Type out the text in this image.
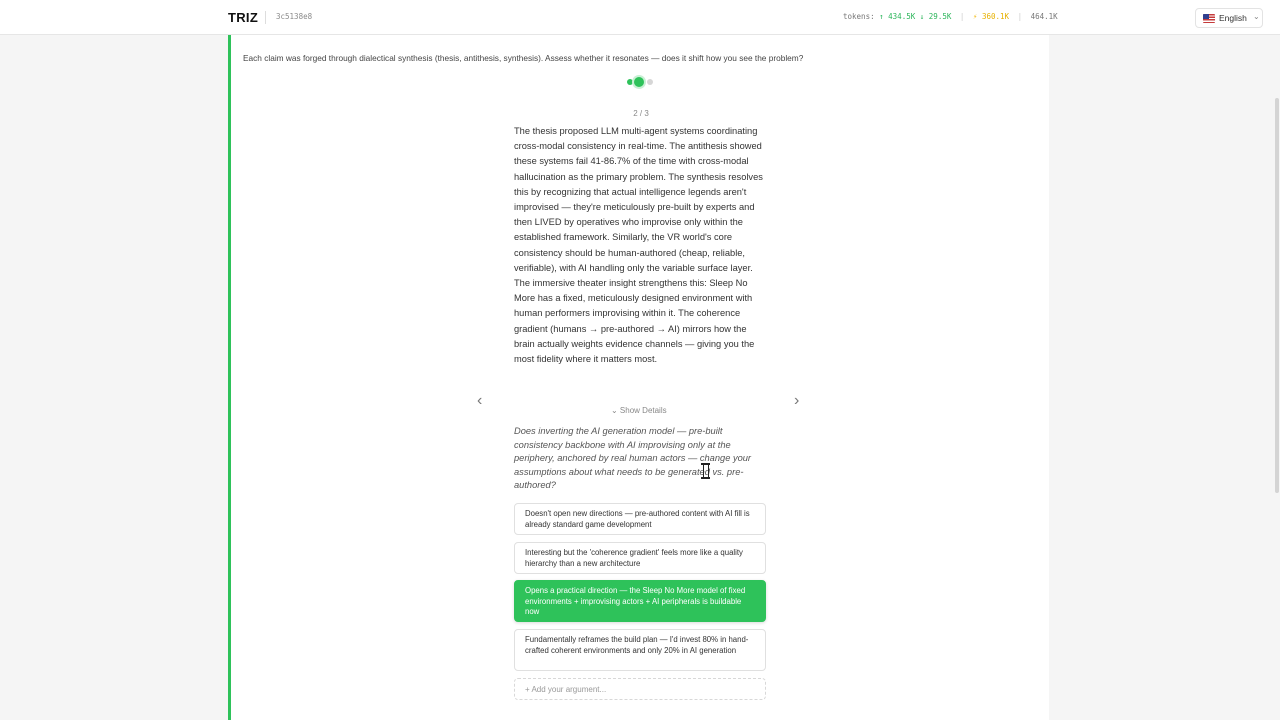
TRIZ 3c5138e8	tokens: ↑ 434.5K ↓ 29.5K | ⚡ 360.1K | 464.1K	English ⌄
Each claim was forged through dialectical synthesis (thesis, antithesis, synthesis). Assess whether it resonates — does it shift how you see the problem?
2 / 3
The thesis proposed LLM multi-agent systems coordinating cross-modal consistency in real-time. The antithesis showed these systems fail 41-86.7% of the time with cross-modal hallucination as the primary problem. The synthesis resolves this by recognizing that actual intelligence legends aren't improvised — they're meticulously pre-built by experts and then LIVED by operatives who improvise only within the established framework. Similarly, the VR world's core consistency should be human-authored (cheap, reliable, verifiable), with AI handling only the variable surface layer. The immersive theater insight strengthens this: Sleep No More has a fixed, meticulously designed environment with human performers improvising within it. The coherence gradient (humans → pre-authored → AI) mirrors how the brain actually weights evidence channels — giving you the most fidelity where it matters most.
‹	›
⌄ Show Details
Does inverting the AI generation model — pre-built consistency backbone with AI improvising only at the periphery, anchored by real human actors — change your assumptions about what needs to be generated vs. pre-authored?
Doesn't open new directions — pre-authored content with AI fill is already standard game development
Interesting but the 'coherence gradient' feels more like a quality hierarchy than a new architecture
Opens a practical direction — the Sleep No More model of fixed environments + improvising actors + AI peripherals is buildable now
Fundamentally reframes the build plan — I'd invest 80% in hand-crafted coherent environments and only 20% in AI generation
+ Add your argument...
